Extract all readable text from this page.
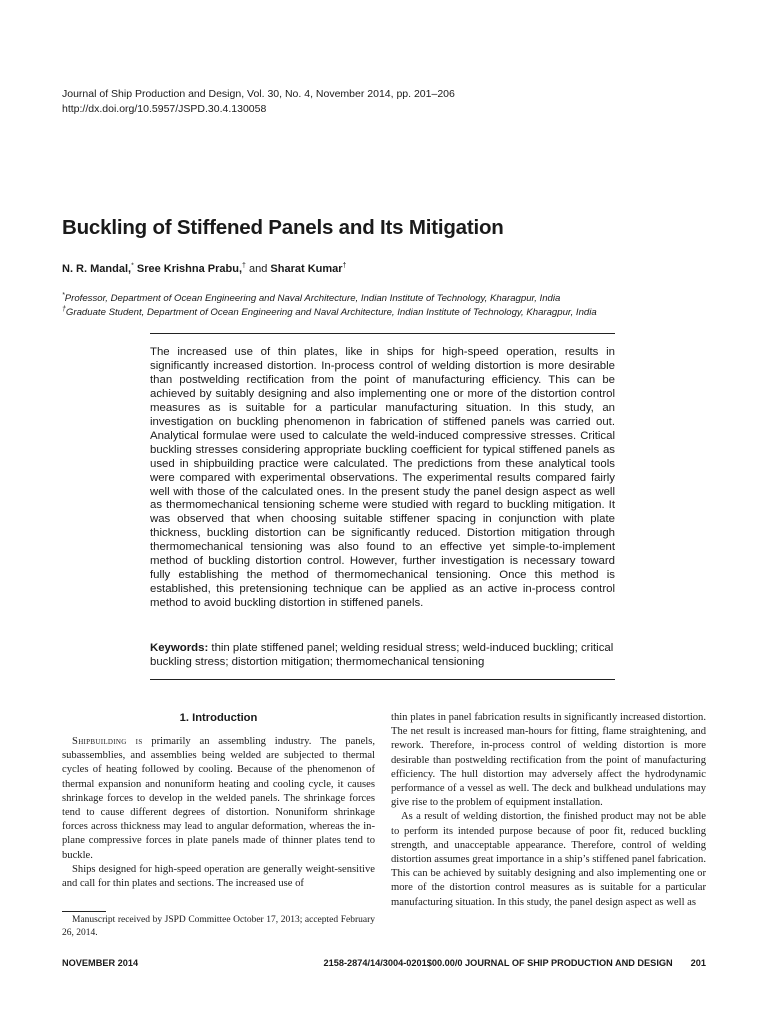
Journal of Ship Production and Design, Vol. 30, No. 4, November 2014, pp. 201–206
http://dx.doi.org/10.5957/JSPD.30.4.130058
Buckling of Stiffened Panels and Its Mitigation
N. R. Mandal,* Sree Krishna Prabu,† and Sharat Kumar†
*Professor, Department of Ocean Engineering and Naval Architecture, Indian Institute of Technology, Kharagpur, India
†Graduate Student, Department of Ocean Engineering and Naval Architecture, Indian Institute of Technology, Kharagpur, India

The increased use of thin plates, like in ships for high-speed operation, results in significantly increased distortion. In-process control of welding distortion is more desirable than postwelding rectification from the point of manufacturing efficiency. This can be achieved by suitably designing and also implementing one or more of the distortion control measures as is suitable for a particular manufacturing situation. In this study, an investigation on buckling phenomenon in fabrication of stiffened panels was carried out. Analytical formulae were used to calculate the weld-induced compressive stresses. Critical buckling stresses considering appropriate buckling coefficient for typical stiffened panels as used in shipbuilding practice were calculated. The predictions from these analytical tools were compared with experimental observations. The experimental results compared fairly well with those of the calculated ones. In the present study the panel design aspect as well as thermomechanical tensioning scheme were studied with regard to buckling mitigation. It was observed that when choosing suitable stiffener spacing in conjunction with plate thickness, buckling distortion can be significantly reduced. Distortion mitigation through thermomechanical tensioning was also found to an effective yet simple-to-implement method of buckling distortion control. However, further investigation is necessary toward fully establishing the method of thermomechanical tensioning. Once this method is established, this pretensioning technique can be applied as an active in-process control method to avoid buckling distortion in stiffened panels.

Keywords: thin plate stiffened panel; welding residual stress; weld-induced buckling; critical buckling stress; distortion mitigation; thermomechanical tensioning

1. Introduction

Shipbuilding is primarily an assembling industry. The panels, subassemblies, and assemblies being welded are subjected to thermal cycles of heating followed by cooling. Because of the phenomenon of thermal expansion and nonuniform heating and cooling cycle, it causes shrinkage forces to develop in the welded panels. The shrinkage forces tend to cause different degrees of distortion. Nonuniform shrinkage forces across thickness may lead to angular deformation, whereas the in-plane compressive forces in plate panels made of thinner plates tend to buckle.

Ships designed for high-speed operation are generally weight-sensitive and call for thin plates and sections. The increased use of

Manuscript received by JSPD Committee October 17, 2013; accepted February 26, 2014.

thin plates in panel fabrication results in significantly increased distortion. The net result is increased man-hours for fitting, flame straightening, and rework. Therefore, in-process control of welding distortion is more desirable than postwelding rectification from the point of manufacturing efficiency. The hull distortion may adversely affect the hydrodynamic performance of a vessel as well. The deck and bulkhead undulations may give rise to the problem of equipment installation.

As a result of welding distortion, the finished product may not be able to perform its intended purpose because of poor fit, reduced buckling strength, and unacceptable appearance. Therefore, control of welding distortion assumes great importance in a ship’s stiffened panel fabrication. This can be achieved by suitably designing and also implementing one or more of the distortion control measures as is suitable for a particular manufacturing situation. In this study, the panel design aspect as well as

NOVEMBER 2014	2158-2874/14/3004-0201$00.00/0 JOURNAL OF SHIP PRODUCTION AND DESIGN 201
